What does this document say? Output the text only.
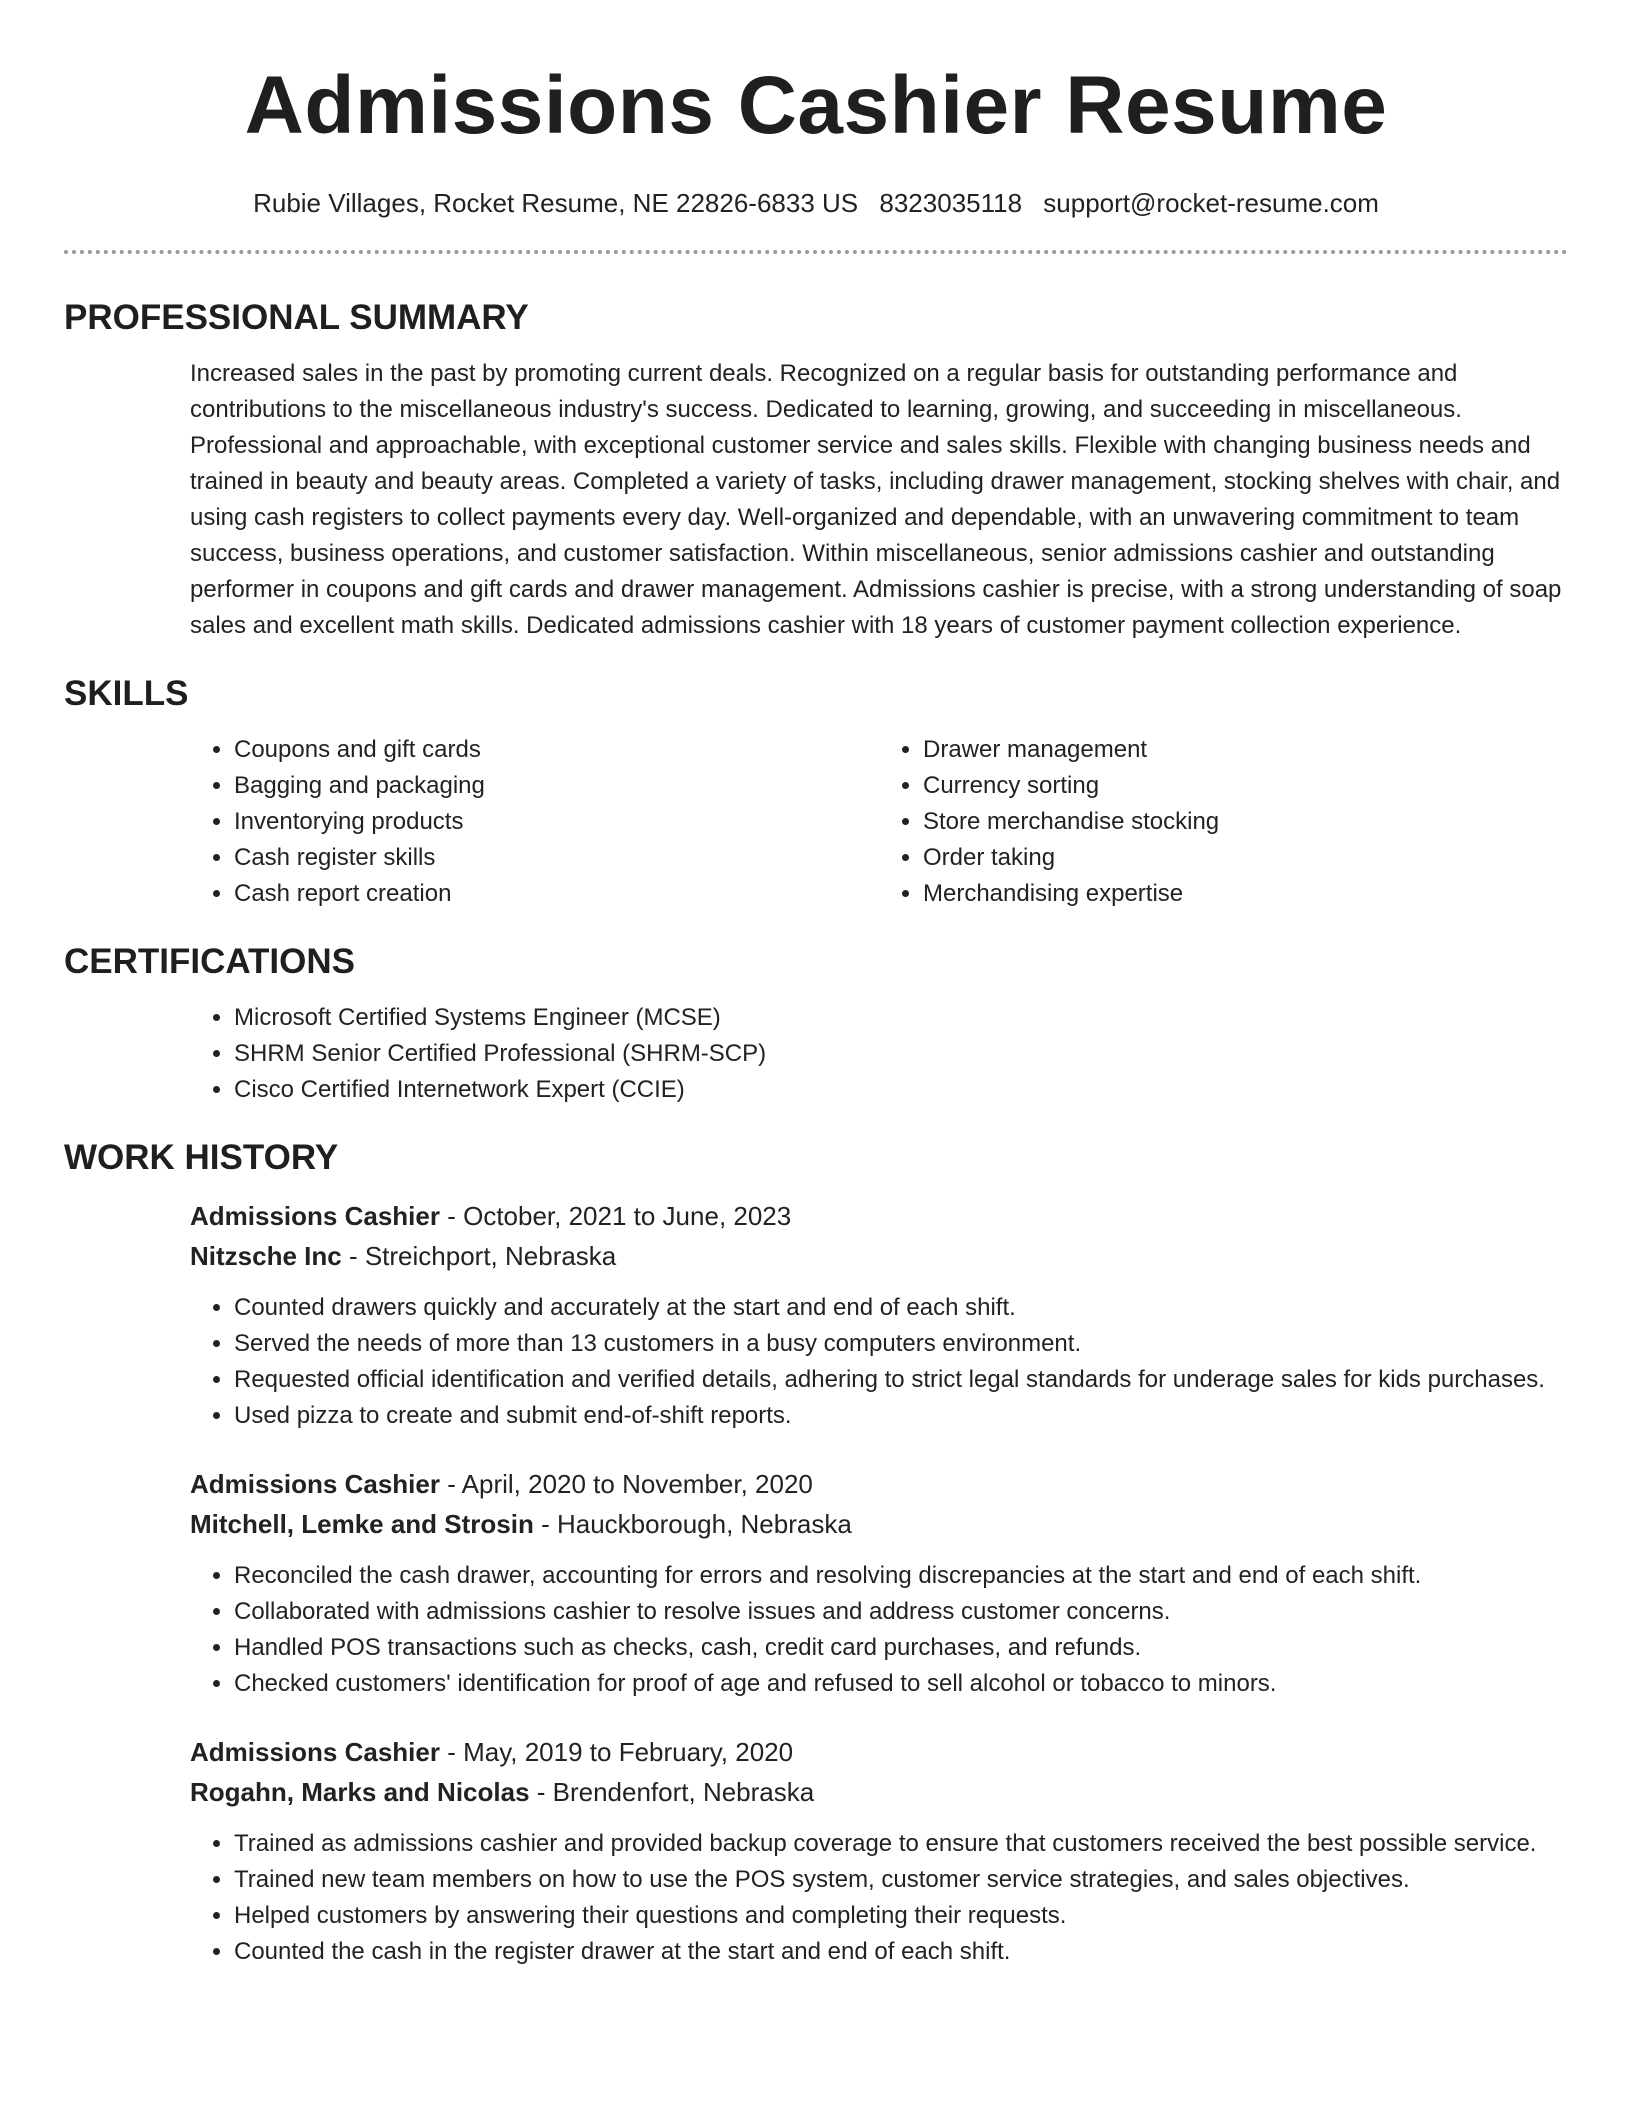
Admissions Cashier Resume
Rubie Villages, Rocket Resume, NE 22826-6833 US 8323035118 support@rocket-resume.com
PROFESSIONAL SUMMARY

Increased sales in the past by promoting current deals. Recognized on a regular basis for outstanding performance and contributions to the miscellaneous industry's success. Dedicated to learning, growing, and succeeding in miscellaneous. Professional and approachable, with exceptional customer service and sales skills. Flexible with changing business needs and trained in beauty and beauty areas. Completed a variety of tasks, including drawer management, stocking shelves with chair, and using cash registers to collect payments every day. Well-organized and dependable, with an unwavering commitment to team success, business operations, and customer satisfaction. Within miscellaneous, senior admissions cashier and outstanding performer in coupons and gift cards and drawer management. Admissions cashier is precise, with a strong understanding of soap sales and excellent math skills. Dedicated admissions cashier with 18 years of customer payment collection experience.

SKILLS
• Coupons and gift cards
• Bagging and packaging
• Inventorying products
• Cash register skills
• Cash report creation
• Drawer management
• Currency sorting
• Store merchandise stocking
• Order taking
• Merchandising expertise
CERTIFICATIONS
• Microsoft Certified Systems Engineer (MCSE)
• SHRM Senior Certified Professional (SHRM-SCP)
• Cisco Certified Internetwork Expert (CCIE)
WORK HISTORY
Admissions Cashier - October, 2021 to June, 2023
Nitzsche Inc - Streichport, Nebraska
• Counted drawers quickly and accurately at the start and end of each shift.
• Served the needs of more than 13 customers in a busy computers environment.
• Requested official identification and verified details, adhering to strict legal standards for underage sales for kids purchases.
• Used pizza to create and submit end-of-shift reports.
Admissions Cashier - April, 2020 to November, 2020
Mitchell, Lemke and Strosin - Hauckborough, Nebraska
• Reconciled the cash drawer, accounting for errors and resolving discrepancies at the start and end of each shift.
• Collaborated with admissions cashier to resolve issues and address customer concerns.
• Handled POS transactions such as checks, cash, credit card purchases, and refunds.
• Checked customers' identification for proof of age and refused to sell alcohol or tobacco to minors.
Admissions Cashier - May, 2019 to February, 2020
Rogahn, Marks and Nicolas - Brendenfort, Nebraska
• Trained as admissions cashier and provided backup coverage to ensure that customers received the best possible service.
• Trained new team members on how to use the POS system, customer service strategies, and sales objectives.
• Helped customers by answering their questions and completing their requests.
• Counted the cash in the register drawer at the start and end of each shift.
